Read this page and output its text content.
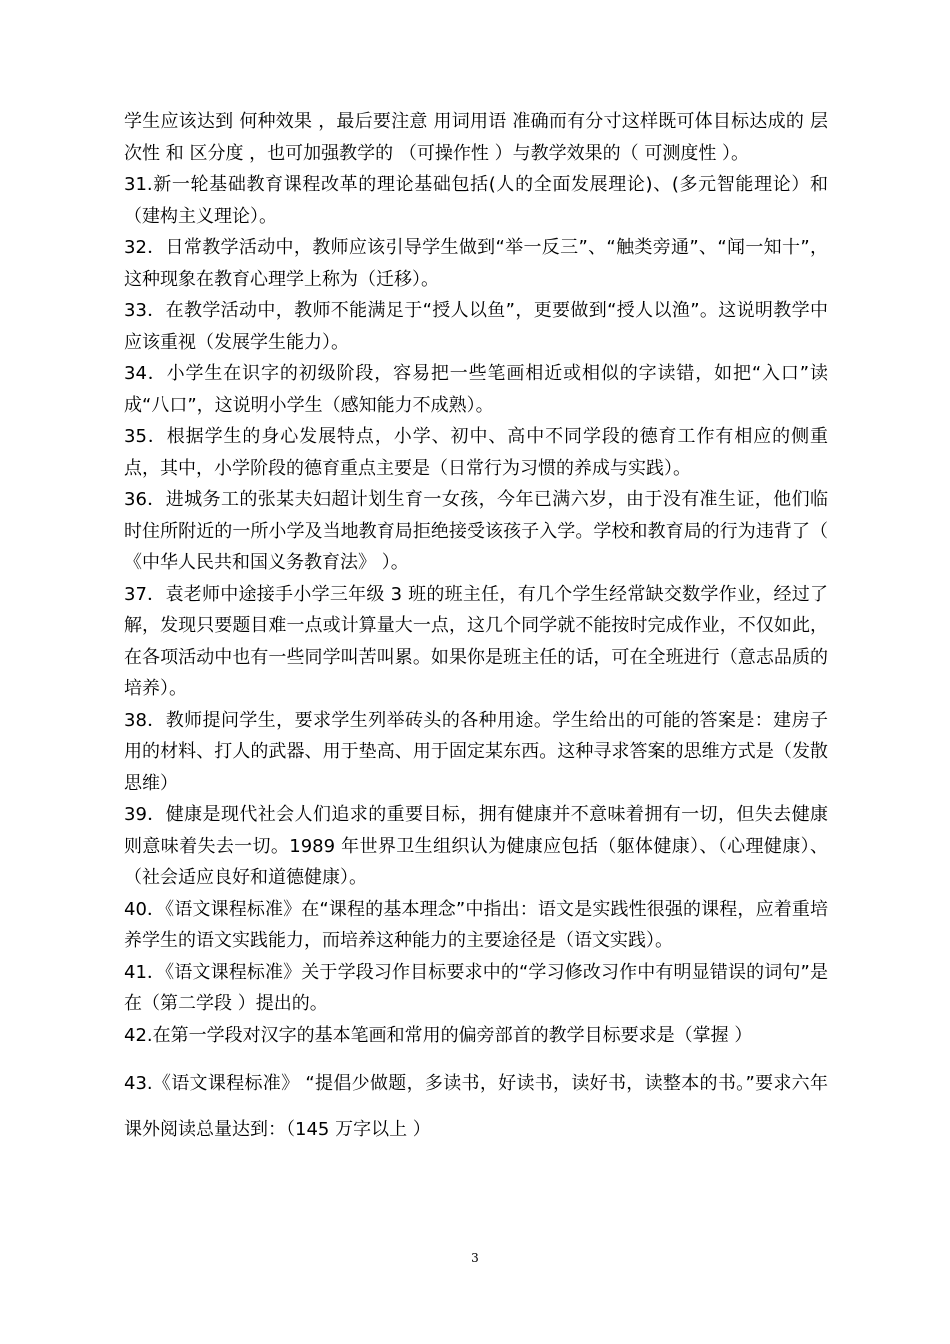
学生应该达到 何种效果 ，最后要注意 用词用语 准确而有分寸这样既可体目标达成的 层次性 和 区分度 ，也可加强教学的 （可操作性 ）与教学效果的（ 可测度性 ）。

31.新一轮基础教育课程改革的理论基础包括(人的全面发展理论)、(多元智能理论）和（建构主义理论）。

32．日常教学活动中，教师应该引导学生做到“举一反三”、“触类旁通”、“闻一知十”，这种现象在教育心理学上称为（迁移）。

33．在教学活动中，教师不能满足于“授人以鱼”，更要做到“授人以渔”。这说明教学中应该重视（发展学生能力）。

34．小学生在识字的初级阶段，容易把一些笔画相近或相似的字读错，如把“入口”读成“八口”，这说明小学生（感知能力不成熟）。

35．根据学生的身心发展特点，小学、初中、高中不同学段的德育工作有相应的侧重点，其中，小学阶段的德育重点主要是（日常行为习惯的养成与实践）。

36．进城务工的张某夫妇超计划生育一女孩，今年已满六岁，由于没有准生证，他们临时住所附近的一所小学及当地教育局拒绝接受该孩子入学。学校和教育局的行为违背了（ 《中华人民共和国义务教育法》 ）。

37．袁老师中途接手小学三年级 3 班的班主任，有几个学生经常缺交数学作业，经过了解，发现只要题目难一点或计算量大一点，这几个同学就不能按时完成作业，不仅如此，在各项活动中也有一些同学叫苦叫累。如果你是班主任的话，可在全班进行（意志品质的培养）。

38．教师提问学生，要求学生列举砖头的各种用途。学生给出的可能的答案是：建房子用的材料、打人的武器、用于垫高、用于固定某东西。这种寻求答案的思维方式是（发散思维）

39．健康是现代社会人们追求的重要目标，拥有健康并不意味着拥有一切，但失去健康则意味着失去一切。1989 年世界卫生组织认为健康应包括（躯体健康）、（心理健康）、（社会适应良好和道德健康）。

40．《语文课程标准》在“课程的基本理念”中指出：语文是实践性很强的课程，应着重培养学生的语文实践能力，而培养这种能力的主要途径是（语文实践）。

41．《语文课程标准》关于学段习作目标要求中的“学习修改习作中有明显错误的词句”是在（第二学段 ）提出的。

42.在第一学段对汉字的基本笔画和常用的偏旁部首的教学目标要求是（掌握 ）

43.《语文课程标准》 “提倡少做题，多读书，好读书，读好书，读整本的书。”要求六年课外阅读总量达到：（145 万字以上 ）

3
